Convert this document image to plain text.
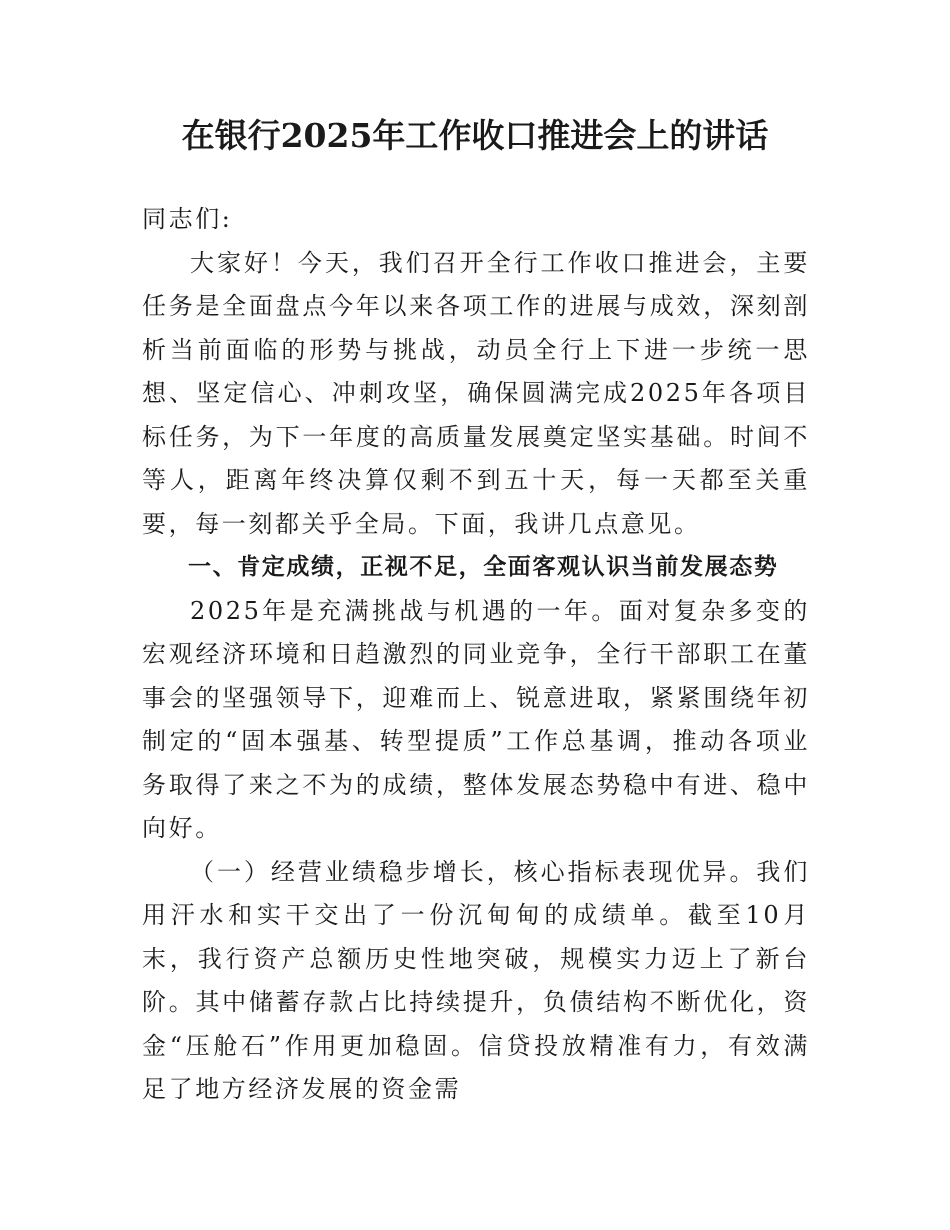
在银行2025年工作收口推进会上的讲话

同志们:

大家好！今天，我们召开全行工作收口推进会，主要任务是全面盘点今年以来各项工作的进展与成效，深刻剖析当前面临的形势与挑战，动员全行上下进一步统一思想、坚定信心、冲刺攻坚，确保圆满完成2025年各项目标任务，为下一年度的高质量发展奠定坚实基础。时间不等人，距离年终决算仅剩不到五十天，每一天都至关重要，每一刻都关乎全局。下面，我讲几点意见。

一、肯定成绩，正视不足，全面客观认识当前发展态势

2025年是充满挑战与机遇的一年。面对复杂多变的宏观经济环境和日趋激烈的同业竞争，全行干部职工在董事会的坚强领导下，迎难而上、锐意进取，紧紧围绕年初制定的“固本强基、转型提质”工作总基调，推动各项业务取得了来之不为的成绩，整体发展态势稳中有进、稳中向好。

（一）经营业绩稳步增长，核心指标表现优异。我们用汗水和实干交出了一份沉甸甸的成绩单。截至10月末，我行资产总额历史性地突破，规模实力迈上了新台阶。其中储蓄存款占比持续提升，负债结构不断优化，资金“压舱石”作用更加稳固。信贷投放精准有力，有效满足了地方经济发展的资金需
